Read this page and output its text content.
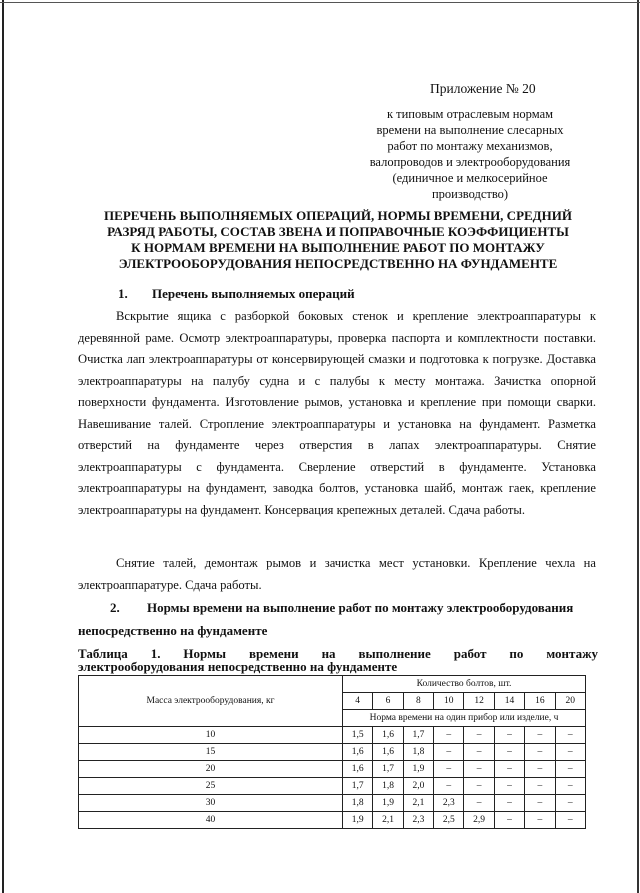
Приложение № 20
к типовым отраслевым нормам
времени на выполнение слесарных
работ по монтажу механизмов,
валопроводов и электрооборудования
(единичное и мелкосерийное
производство)
ПЕРЕЧЕНЬ ВЫПОЛНЯЕМЫХ ОПЕРАЦИЙ, НОРМЫ ВРЕМЕНИ, СРЕДНИЙ
РАЗРЯД РАБОТЫ, СОСТАВ ЗВЕНА И ПОПРАВОЧНЫЕ КОЭФФИЦИЕНТЫ
К НОРМАМ ВРЕМЕНИ НА ВЫПОЛНЕНИЕ РАБОТ ПО МОНТАЖУ
ЭЛЕКТРООБОРУДОВАНИЯ НЕПОСРЕДСТВЕННО НА ФУНДАМЕНТЕ
1. Перечень выполняемых операций
Вскрытие ящика с разборкой боковых стенок и крепление электроаппаратуры к деревянной раме. Осмотр электроаппаратуры, проверка паспорта и комплектности поставки. Очистка лап электроаппаратуры от консервирующей смазки и подготовка к погрузке. Доставка электроаппаратуры на палубу судна и с палубы к месту монтажа. Зачистка опорной поверхности фундамента. Изготовление рымов, установка и крепление при помощи сварки. Навешивание талей. Стропление электроаппаратуры и установка на фундамент. Разметка отверстий на фундаменте через отверстия в лапах электроаппаратуры. Снятие электроаппаратуры с фундамента. Сверление отверстий в фундаменте. Установка электроаппаратуры на фундамент, заводка болтов, установка шайб, монтаж гаек, крепление электроаппаратуры на фундамент. Консервация крепежных деталей. Сдача работы.
Снятие талей, демонтаж рымов и зачистка мест установки. Крепление чехла на электроаппаратуре. Сдача работы.
2. Нормы времени на выполнение работ по монтажу электрооборудования
непосредственно на фундаменте
Таблица 1. Нормы времени на выполнение работ по монтажу
электрооборудования непосредственно на фундаменте
Масса электрооборудования, кг	Количество болтов, шт.							
	4	6	8	10	12	14	16	20
	Норма времени на один прибор или изделие, ч							
10	1,5	1,6	1,7	–	–	–	–	–
15	1,6	1,6	1,8	–	–	–	–	–
20	1,6	1,7	1,9	–	–	–	–	–
25	1,7	1,8	2,0	–	–	–	–	–
30	1,8	1,9	2,1	2,3	–	–	–	–
40	1,9	2,1	2,3	2,5	2,9	–	–	–
